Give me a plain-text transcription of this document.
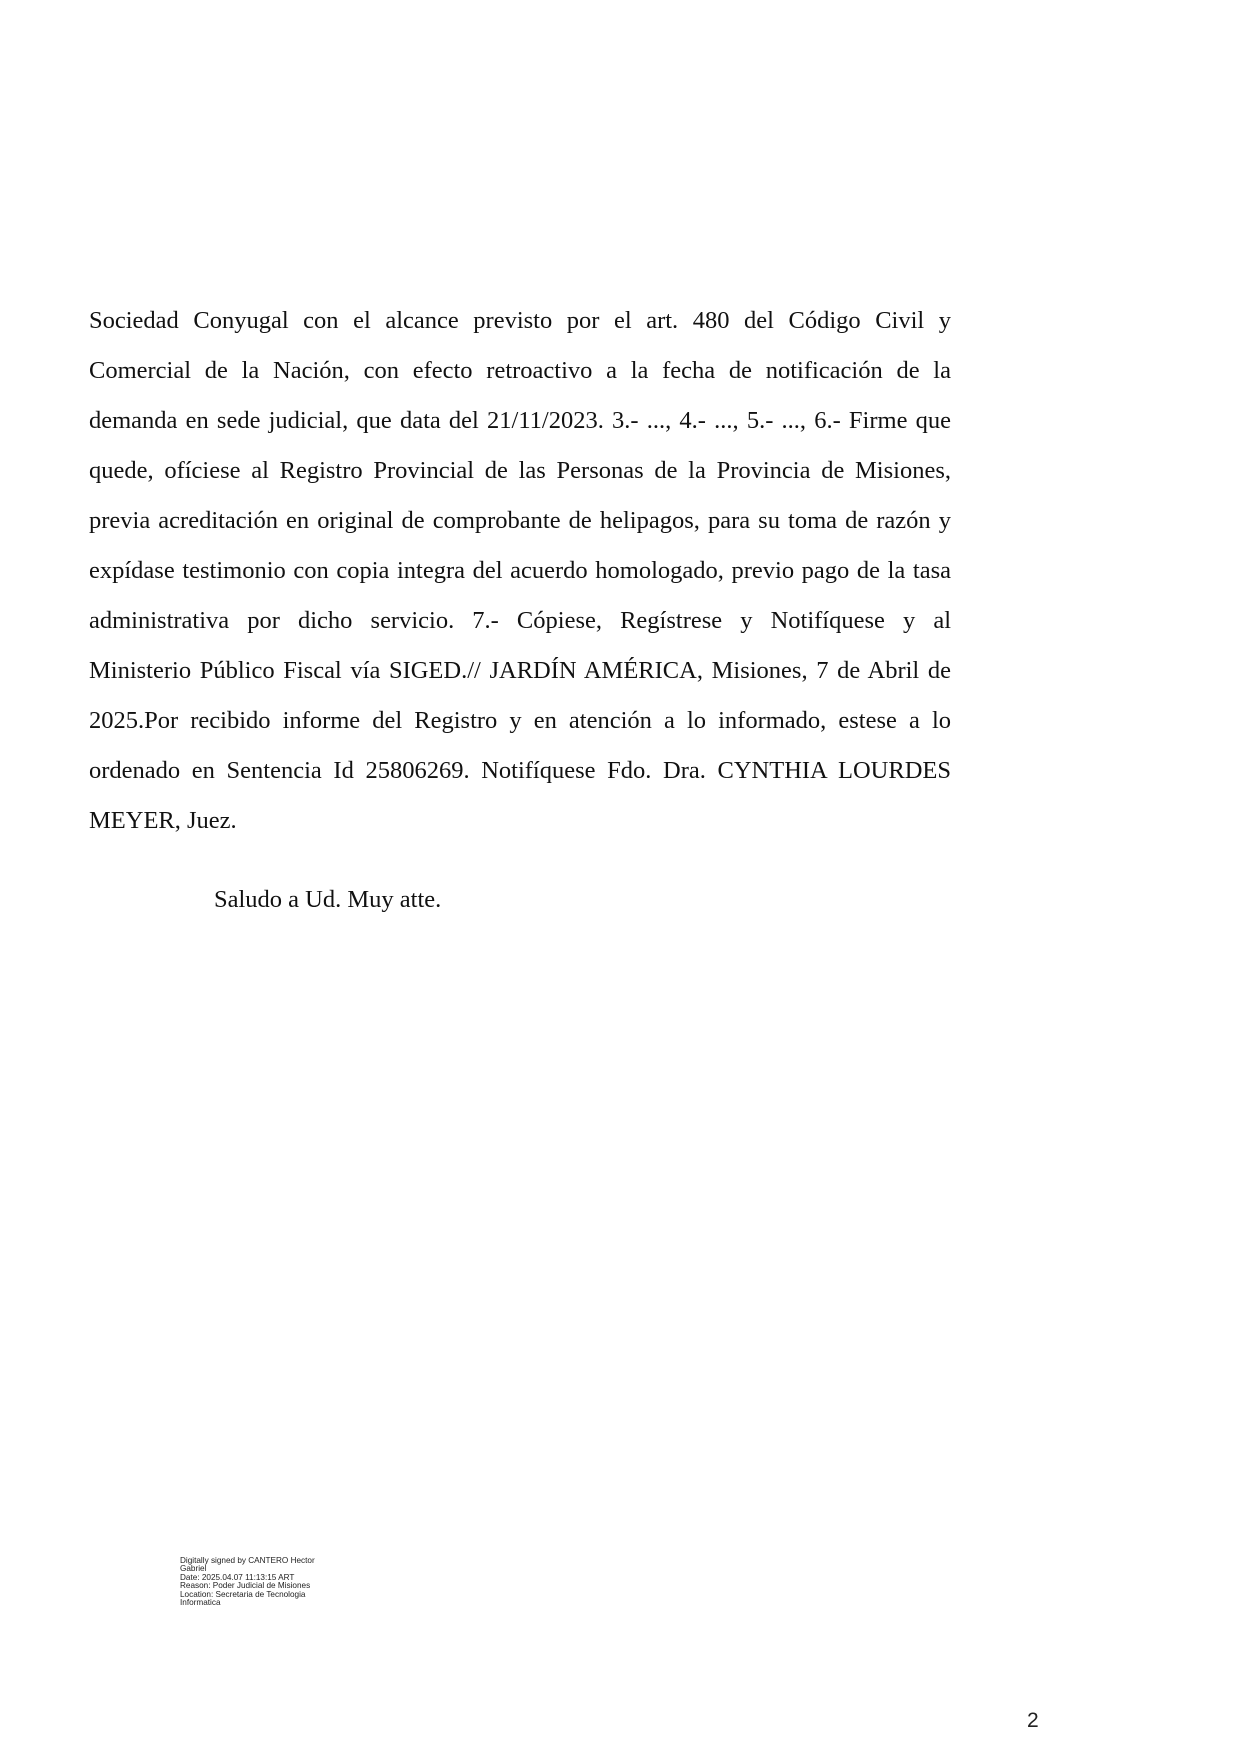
Sociedad Conyugal con el alcance previsto por el art. 480 del Código Civil y
Comercial de la Nación, con efecto retroactivo a la fecha de notificación de la
demanda en sede judicial, que data del 21/11/2023. 3.- ..., 4.- ..., 5.- ..., 6.- Firme que
quede, ofíciese al Registro Provincial de las Personas de la Provincia de Misiones,
previa acreditación en original de comprobante de helipagos, para su toma de razón y
expídase testimonio con copia integra del acuerdo homologado, previo pago de la tasa
administrativa por dicho servicio. 7.- Cópiese, Regístrese y Notifíquese y al
Ministerio Público Fiscal vía SIGED.// JARDÍN AMÉRICA, Misiones, 7 de Abril de
2025.Por recibido informe del Registro y en atención a lo informado, estese a lo
ordenado en Sentencia Id 25806269. Notifíquese Fdo. Dra. CYNTHIA LOURDES
MEYER, Juez.

Saludo a Ud. Muy atte.

Digitally signed by CANTERO Hector
Gabriel
Date: 2025.04.07 11:13:15 ART
Reason: Poder Judicial de Misiones
Location: Secretaria de Tecnologia
Informatica
2
